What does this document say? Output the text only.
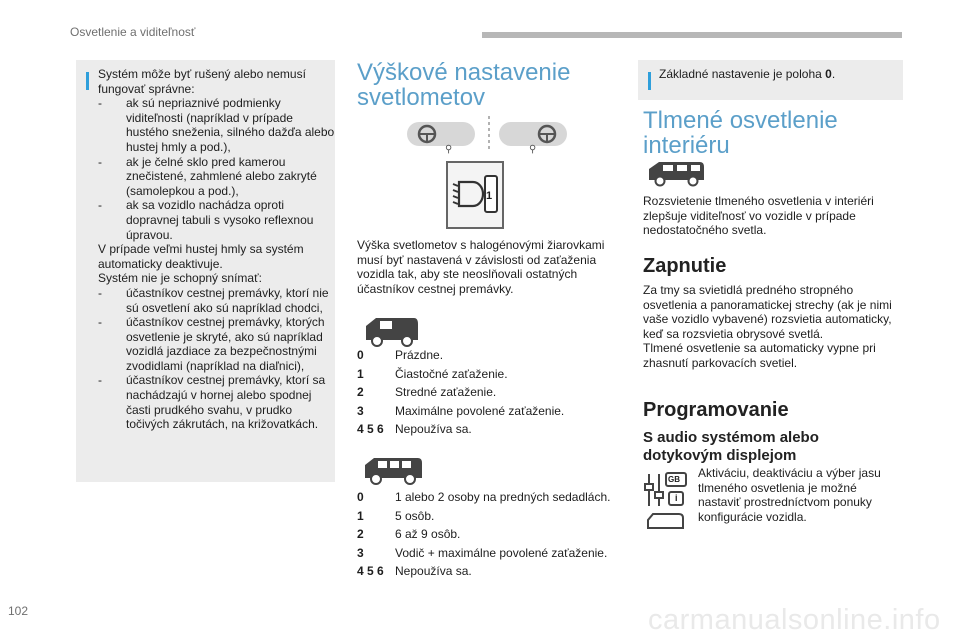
Osvetlenie a viditeľnosť
102	carmanualsonline.info
Systém môže byť rušený alebo nemusí
fungovať správne:
- ak sú nepriaznivé podmienky viditeľnosti (napríklad v prípade hustého sneženia, silného dažďa alebo hustej hmly a pod.),
- ak je čelné sklo pred kamerou znečistené, zahmlené alebo zakryté (samolepkou a pod.),
- ak sa vozidlo nachádza oproti dopravnej tabuli s vysoko reflexnou úpravou.
V prípade veľmi hustej hmly sa systém
automaticky deaktivuje.
Systém nie je schopný snímať:
- účastníkov cestnej premávky, ktorí nie sú osvetlení ako sú napríklad chodci,
- účastníkov cestnej premávky, ktorých osvetlenie je skryté, ako sú napríklad vozidlá jazdiace za bezpečnostnými zvodidlami (napríklad na diaľnici),
- účastníkov cestnej premávky, ktorí sa nachádzajú v hornej alebo spodnej časti prudkého svahu, v prudko točivých zákrutách, na križovatkách.
Výškové nastavenie
svetlometov
⚲	⚲
1
Výška svetlometov s halogénovými žiarovkami
musí byť nastavená v závislosti od zaťaženia
vozidla tak, aby ste neoslňovali ostatných
účastníkov cestnej premávky.
0	Prázdne.
1	Čiastočné zaťaženie.
2	Stredné zaťaženie.
3	Maximálne povolené zaťaženie.
4 5 6 Nepoužíva sa.
0	1 alebo 2 osoby na predných sedadlách.
1	5 osôb.
2	6 až 9 osôb.
3	Vodič + maximálne povolené zaťaženie.
4 5 6 Nepoužíva sa.
Základné nastavenie je poloha 0.
Tlmené osvetlenie
interiéru
Rozsvietenie tlmeného osvetlenia v interiéri
zlepšuje viditeľnosť vo vozidle v prípade
nedostatočného svetla.
Zapnutie
Za tmy sa svietidlá predného stropného
osvetlenia a panoramatickej strechy (ak je nimi
vaše vozidlo vybavené) rozsvietia automaticky,
keď sa rozsvietia obrysové svetlá.
Tlmené osvetlenie sa automaticky vypne pri
zhasnutí parkovacích svetiel.
Programovanie
S audio systémom alebo
dotykovým displejom
GB
i
Aktiváciu, deaktiváciu a výber jasu
tlmeného osvetlenia je možné
nastaviť prostredníctvom ponuky
konfigurácie vozidla.
